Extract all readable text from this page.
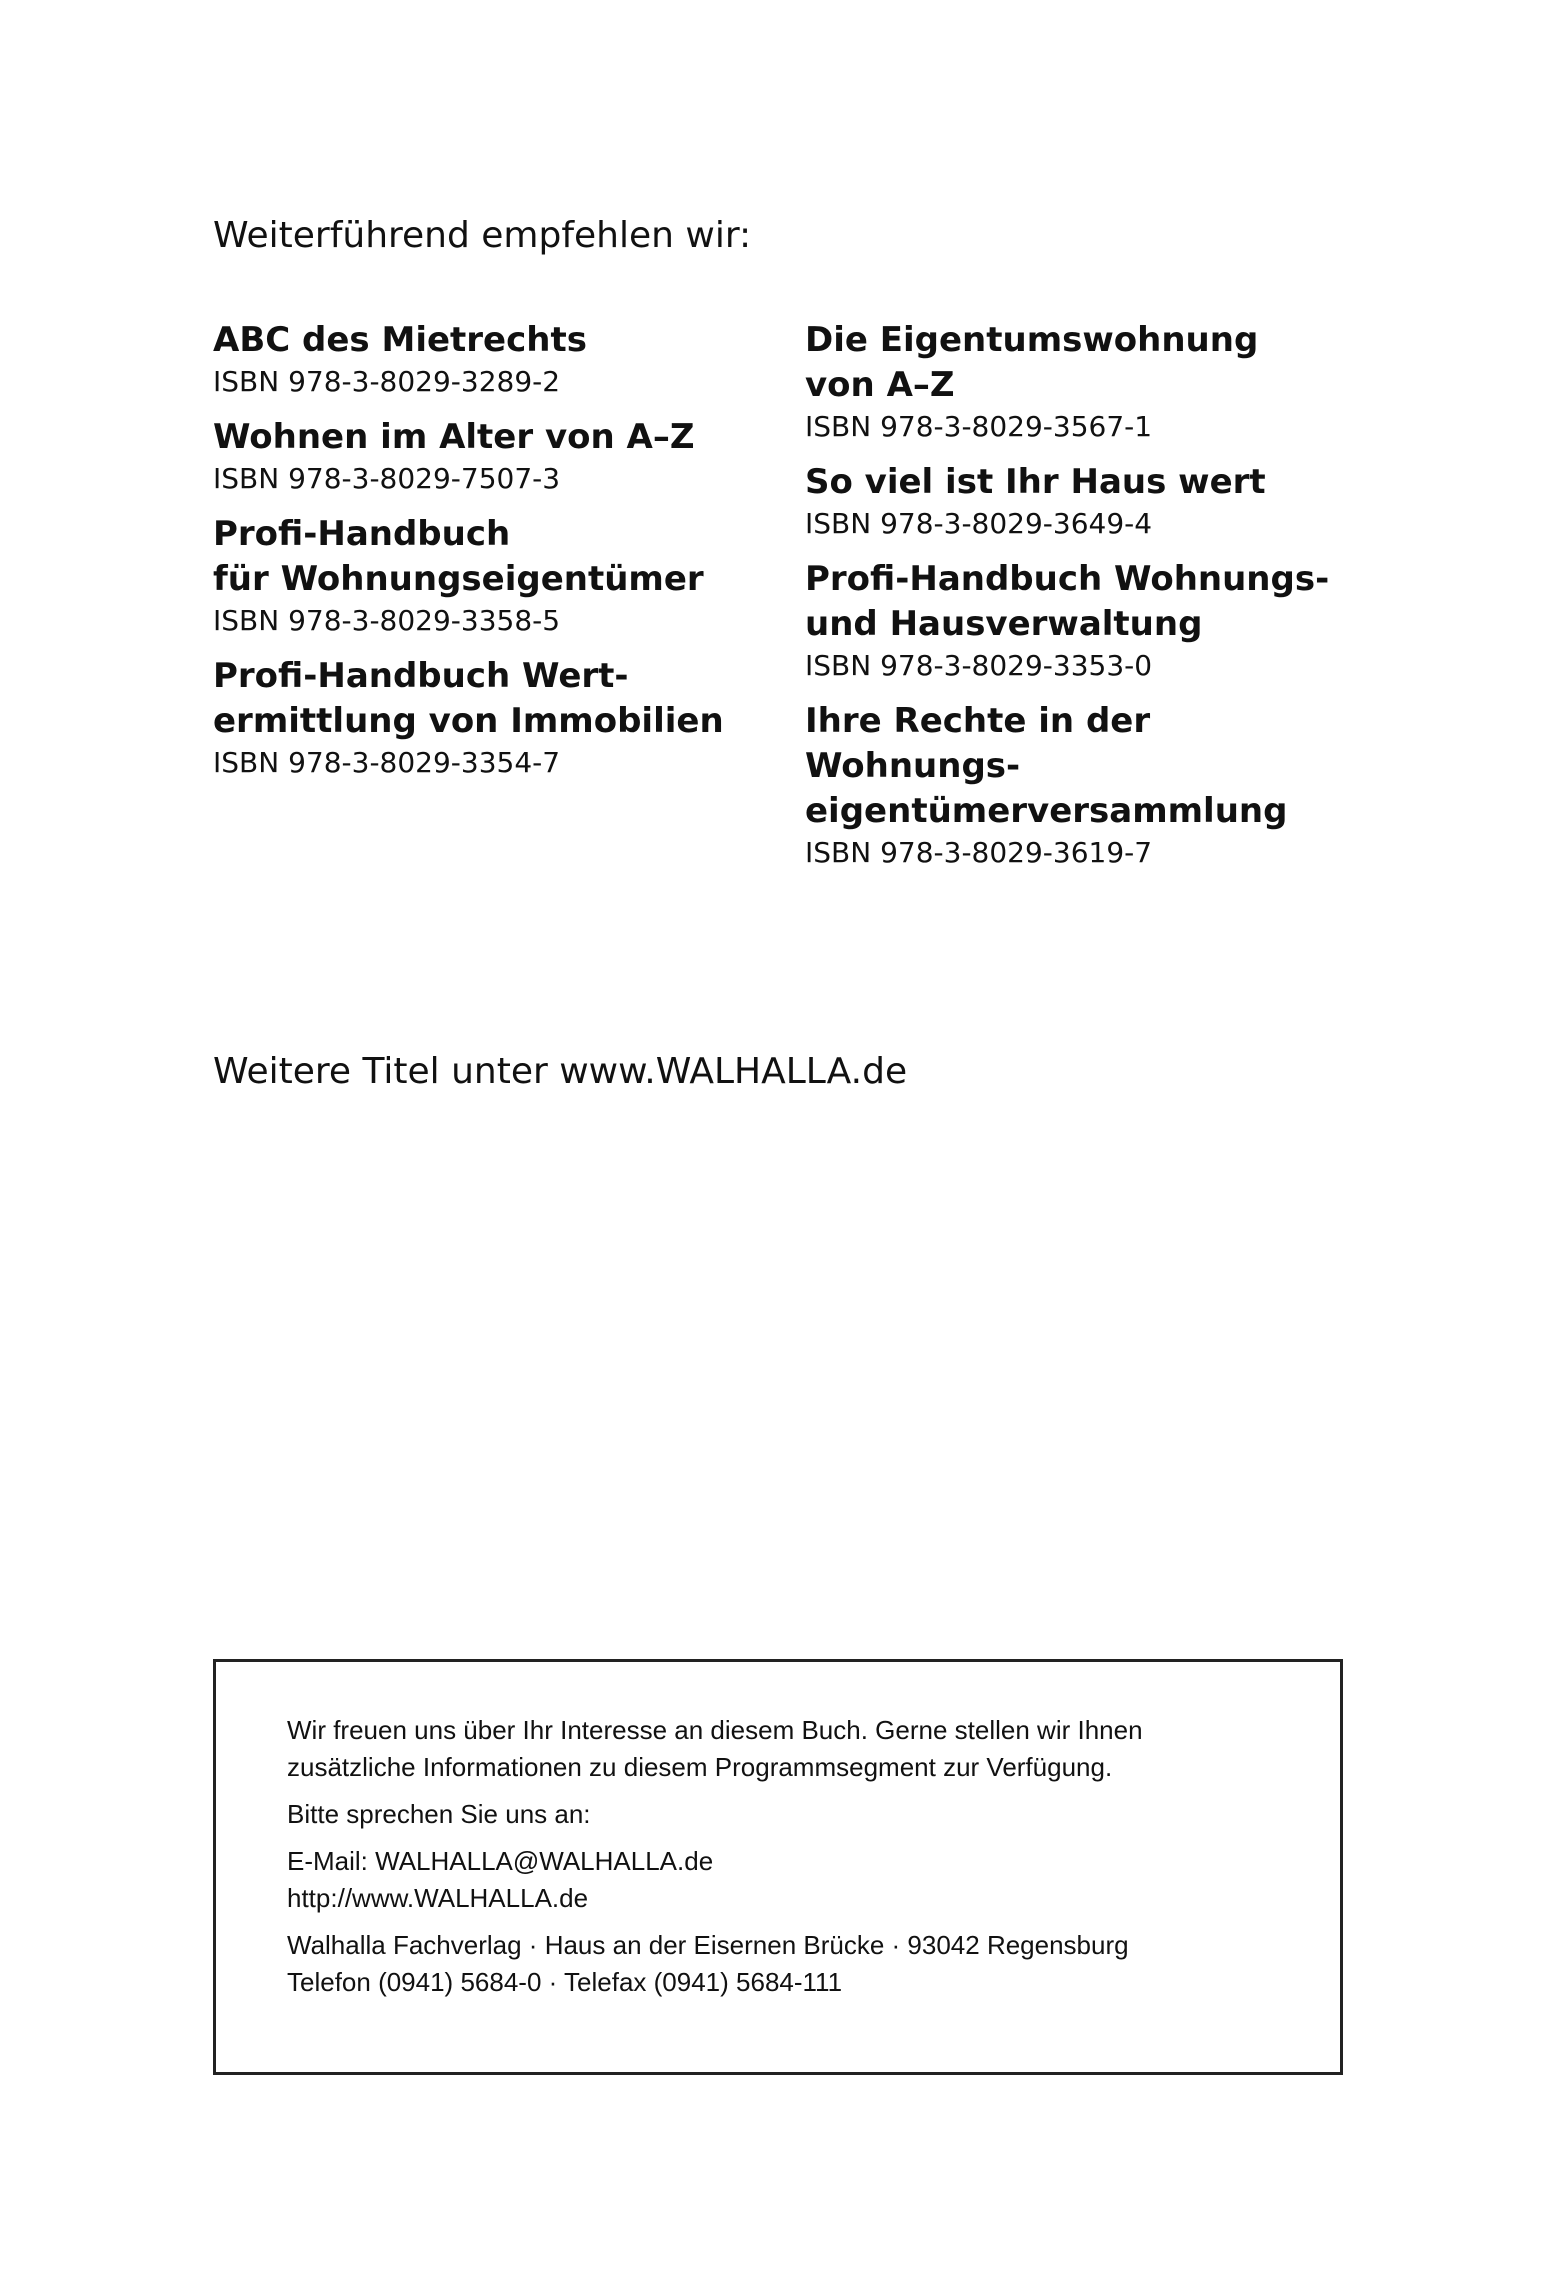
Weiterführend empfehlen wir:
ABC des Mietrechts
ISBN 978-3-8029-3289-2
Wohnen im Alter von A–Z
ISBN 978-3-8029-7507-3
Profi-Handbuch
für Wohnungseigentümer
ISBN 978-3-8029-3358-5
Profi-Handbuch Wert-
ermittlung von Immobilien
ISBN 978-3-8029-3354-7
Die Eigentumswohnung
von A–Z
ISBN 978-3-8029-3567-1
So viel ist Ihr Haus wert
ISBN 978-3-8029-3649-4
Profi-Handbuch Wohnungs-
und Hausverwaltung
ISBN 978-3-8029-3353-0
Ihre Rechte in der Wohnungs-
eigentümerversammlung
ISBN 978-3-8029-3619-7
Weitere Titel unter www.WALHALLA.de
Wir freuen uns über Ihr Interesse an diesem Buch. Gerne stellen wir Ihnen
zusätzliche Informationen zu diesem Programmsegment zur Verfügung.
Bitte sprechen Sie uns an:
E-Mail: WALHALLA@WALHALLA.de
http://www.WALHALLA.de
Walhalla Fachverlag · Haus an der Eisernen Brücke · 93042 Regensburg
Telefon (0941) 5684-0 · Telefax (0941) 5684-111
